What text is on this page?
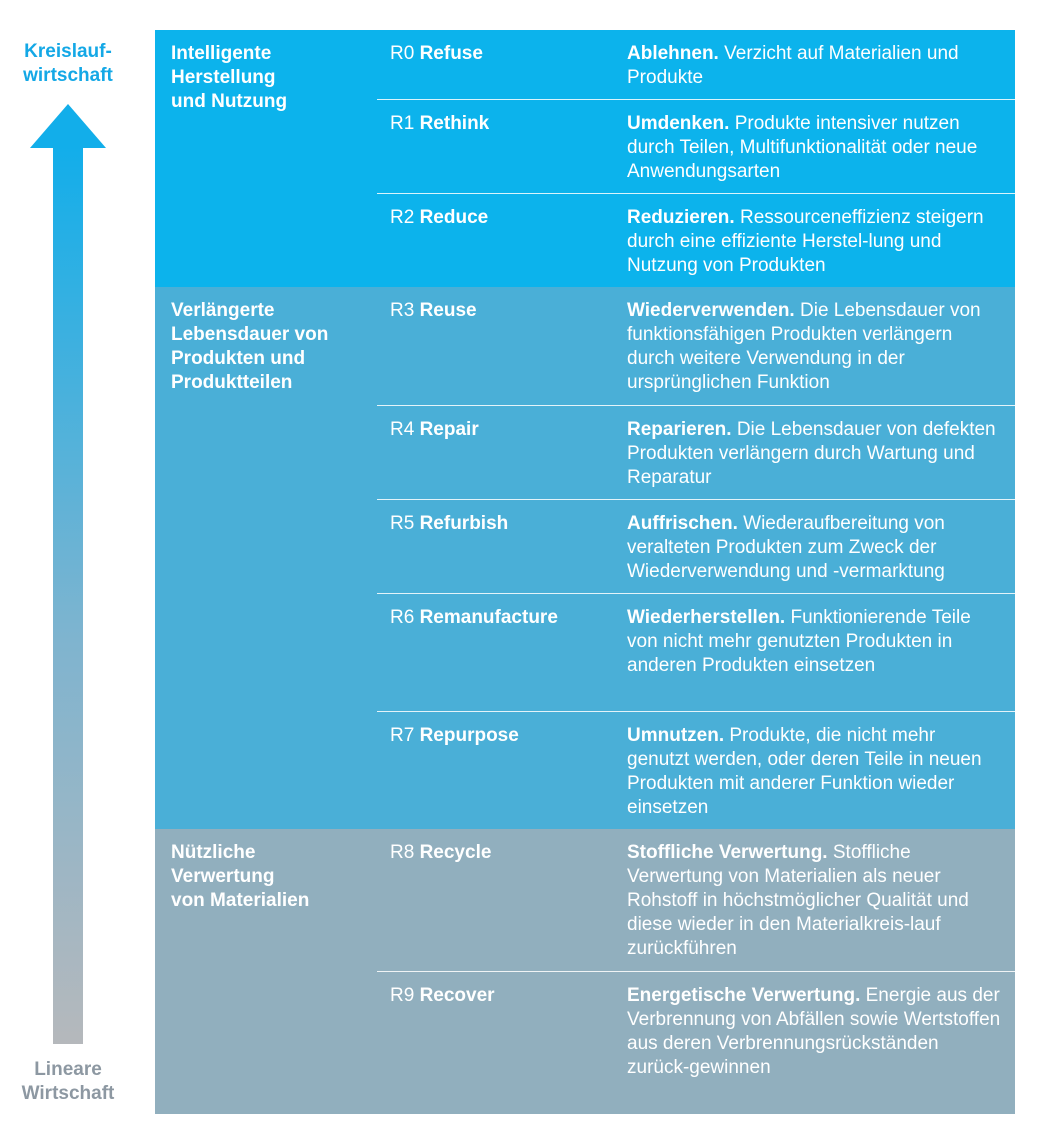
Kreislauf-
wirtschaft
Lineare
Wirtschaft
Intelligente
Herstellung
und Nutzung
R0 Refuse	Ablehnen. Verzicht auf Materialien und Produkte
R1 Rethink	Umdenken. Produkte intensiver nutzen durch Teilen, Multifunktionalität oder neue Anwendungsarten
R2 Reduce	Reduzieren. Ressourceneffizienz steigern durch eine effiziente Herstel-lung und Nutzung von Produkten
Verlängerte
Lebensdauer von
Produkten und
Produktteilen
R3 Reuse	Wiederverwenden. Die Lebensdauer von funktionsfähigen Produkten verlängern durch weitere Verwendung in der ursprünglichen Funktion
R4 Repair	Reparieren. Die Lebensdauer von defekten Produkten verlängern durch Wartung und Reparatur
R5 Refurbish	Auffrischen. Wiederaufbereitung von veralteten Produkten zum Zweck der Wiederverwendung und -vermarktung
R6 Remanufacture	Wiederherstellen. Funktionierende Teile von nicht mehr genutzten Produkten in anderen Produkten einsetzen
R7 Repurpose	Umnutzen. Produkte, die nicht mehr genutzt werden, oder deren Teile in neuen Produkten mit anderer Funktion wieder einsetzen
Nützliche
Verwertung
von Materialien
R8 Recycle	Stoffliche Verwertung. Stoffliche Verwertung von Materialien als neuer Rohstoff in höchstmöglicher Qualität und diese wieder in den Materialkreis-lauf zurückführen
R9 Recover	Energetische Verwertung. Energie aus der Verbrennung von Abfällen sowie Wertstoffen aus deren Verbrennungsrückständen zurück-gewinnen
